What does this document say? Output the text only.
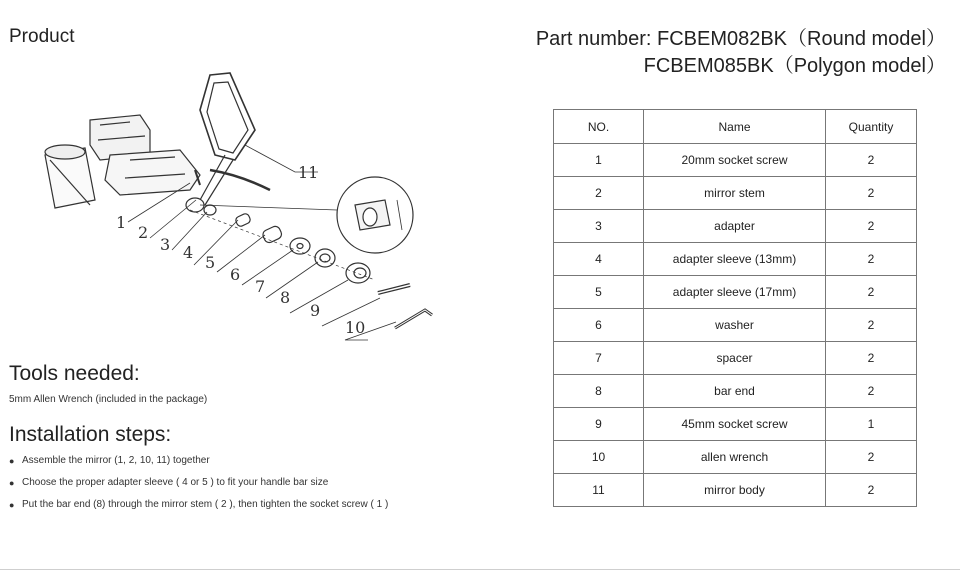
Product	Part number: FCBEM082BK（Round model）
FCBEM085BK（Polygon model）
1
2
3 4
5
6
7
8
9
10
11
Tools needed:
5mm Allen Wrench (included in the package)
Installation steps:
● Assemble the mirror (1, 2, 10, 11) together
● Choose the proper adapter sleeve ( 4 or 5 ) to fit your handle bar size
● Put the bar end (8) through the mirror stem ( 2 ), then tighten the socket screw ( 1 )
NO.	Name	Quantity
1	20mm socket screw	2
2	mirror stem	2
3	adapter	2
4	adapter sleeve (13mm)	2
5	adapter sleeve (17mm)	2
6	washer	2
7	spacer	2
8	bar end	2
9	45mm socket screw	1
10	allen wrench	2
11	mirror body	2
